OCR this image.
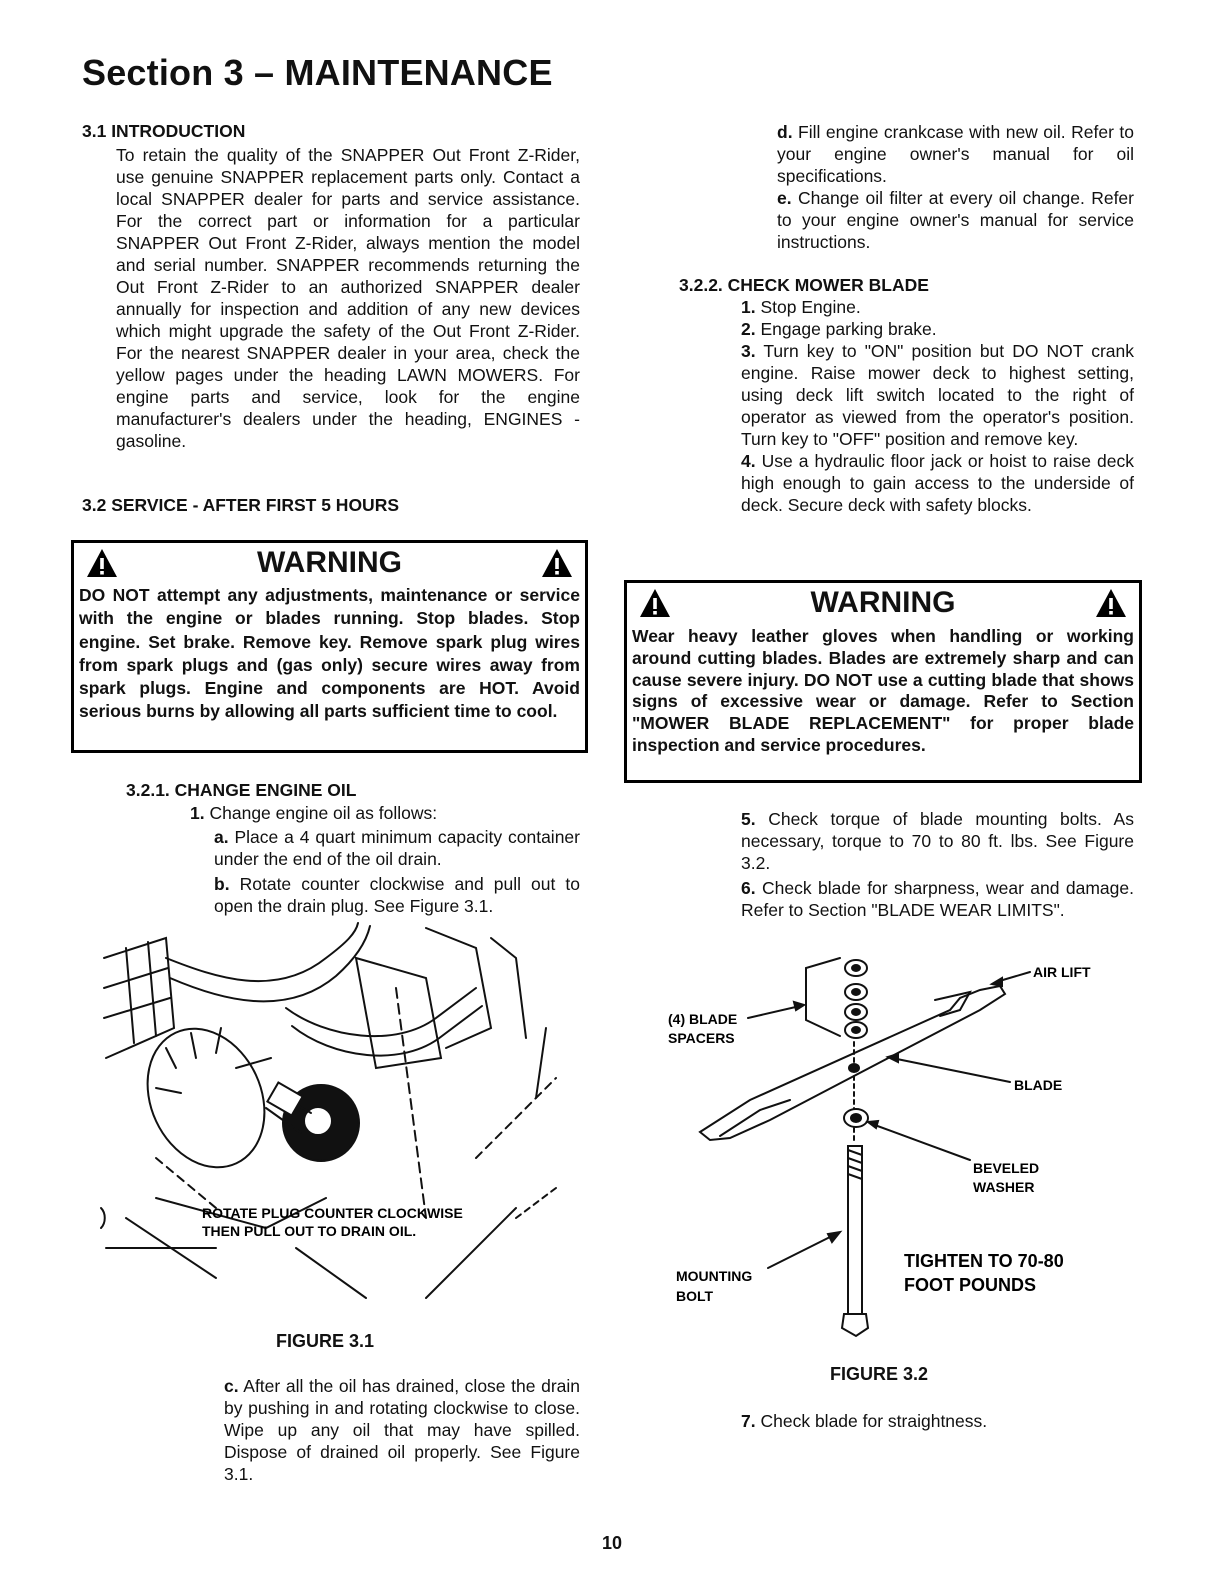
Section 3 – MAINTENANCE
3.1 INTRODUCTION

To retain the quality of the SNAPPER Out Front Z-Rider, use genuine SNAPPER replacement parts only. Contact a local SNAPPER dealer for parts and service assistance. For the correct part or information for a particular SNAPPER Out Front Z-Rider, always mention the model and serial number. SNAPPER recommends returning the Out Front Z-Rider to an authorized SNAPPER dealer annually for inspection and addition of any new devices which might upgrade the safety of the Out Front Z-Rider. For the nearest SNAPPER dealer in your area, check the yellow pages under the heading LAWN MOWERS. For engine parts and service, look for the engine manufacturer's dealers under the heading, ENGINES - gasoline.

3.2 SERVICE - AFTER FIRST 5 HOURS
WARNING
DO NOT attempt any adjustments, maintenance or service with the engine or blades running. Stop blades. Stop engine. Set brake. Remove key. Remove spark plug wires from spark plugs and (gas only) secure wires away from spark plugs. Engine and components are HOT. Avoid serious burns by allowing all parts sufficient time to cool.
3.2.1. CHANGE ENGINE OIL
1. Change engine oil as follows:

a. Place a 4 quart minimum capacity container under the end of the oil drain.

b. Rotate counter clockwise and pull out to open the drain plug. See Figure 3.1.

ROTATE PLUG COUNTER CLOCKWISE
THEN PULL OUT TO DRAIN OIL.
FIGURE 3.1

c. After all the oil has drained, close the drain by pushing in and rotating clockwise to close. Wipe up any oil that may have spilled. Dispose of drained oil properly. See Figure 3.1.

d. Fill engine crankcase with new oil. Refer to your engine owner's manual for oil specifications.

e. Change oil filter at every oil change. Refer to your engine owner's manual for service instructions.

3.2.2. CHECK MOWER BLADE

1. Stop Engine.

2. Engage parking brake.

3. Turn key to "ON" position but DO NOT crank engine. Raise mower deck to highest setting, using deck lift switch located to the right of operator as viewed from the operator's position. Turn key to "OFF" position and remove key.

4. Use a hydraulic floor jack or hoist to raise deck high enough to gain access to the underside of deck. Secure deck with safety blocks.

WARNING
Wear heavy leather gloves when handling or working around cutting blades. Blades are extremely sharp and can cause severe injury. DO NOT use a cutting blade that shows signs of excessive wear or damage. Refer to Section "MOWER BLADE REPLACEMENT" for proper blade inspection and service procedures.

5. Check torque of blade mounting bolts. As necessary, torque to 70 to 80 ft. lbs. See Figure 3.2.

6. Check blade for sharpness, wear and damage. Refer to Section "BLADE WEAR LIMITS".

AIR LIFT
(4) BLADE
SPACERS
BLADE
BEVELED
WASHER
MOUNTING
BOLT
TIGHTEN TO 70-80
FOOT POUNDS
FIGURE 3.2

7. Check blade for straightness.

10
